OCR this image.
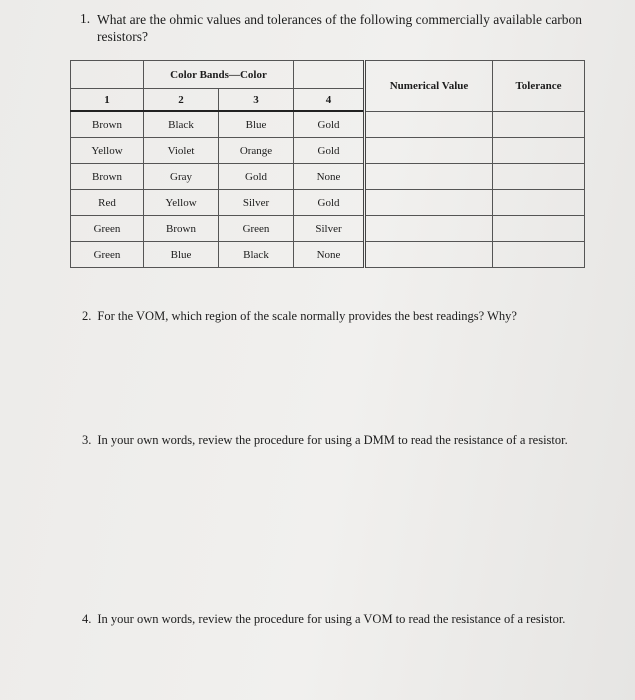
1. What are the ohmic values and tolerances of the following commercially available carbon resistors?
	Color Bands—Color			Numerical Value	Tolerance
1	2	3	4		
Brown	Black	Blue	Gold		
Yellow	Violet	Orange	Gold		
Brown	Gray	Gold	None		
Red	Yellow	Silver	Gold		
Green	Brown	Green	Silver		
Green	Blue	Black	None		
2. For the VOM, which region of the scale normally provides the best readings? Why?
3. In your own words, review the procedure for using a DMM to read the resistance of a resistor.
4. In your own words, review the procedure for using a VOM to read the resistance of a resistor.
